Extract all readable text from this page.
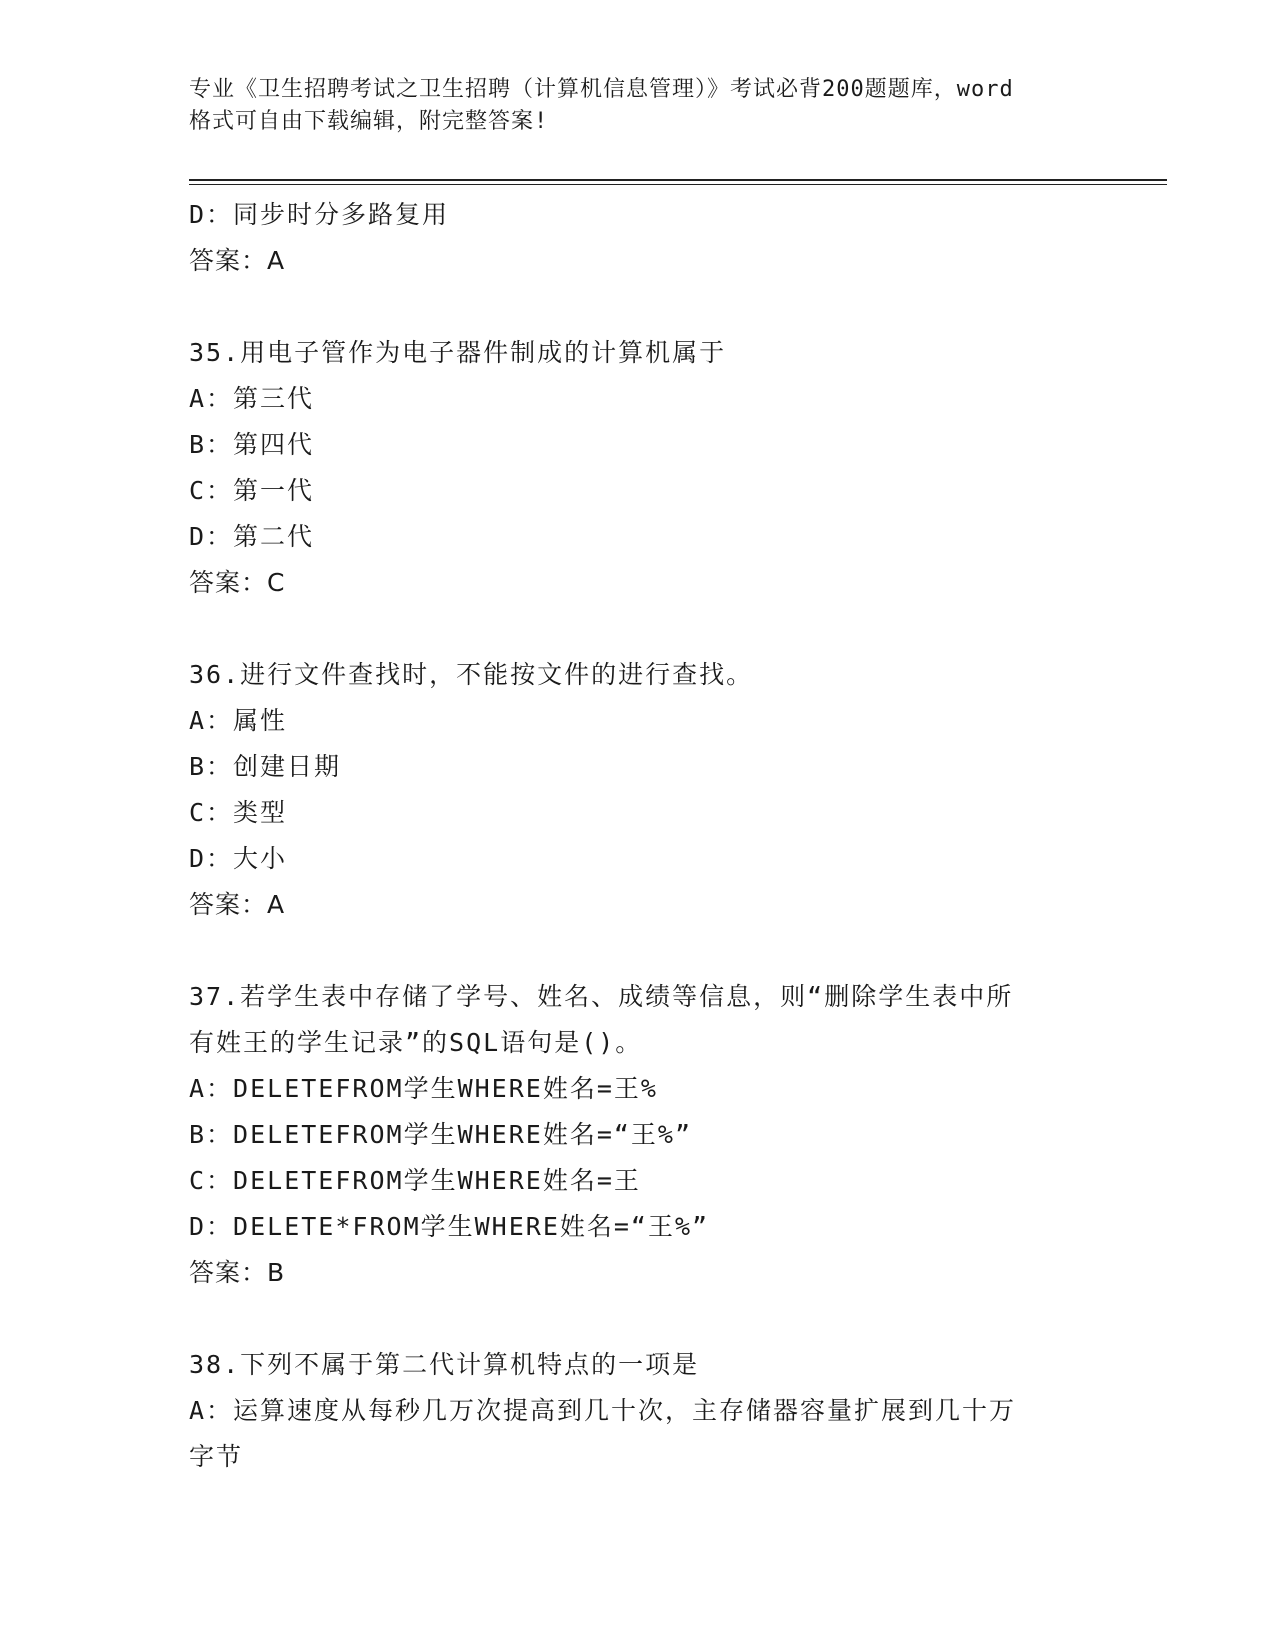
专业《卫生招聘考试之卫生招聘（计算机信息管理）》考试必背200题题库，word
格式可自由下载编辑，附完整答案!
D：同步时分多路复用
答案：A
35.用电子管作为电子器件制成的计算机属于
A：第三代
B：第四代
C：第一代
D：第二代
答案：C
36.进行文件查找时，不能按文件的进行查找。
A：属性
B：创建日期
C：类型
D：大小
答案：A
37.若学生表中存储了学号、姓名、成绩等信息，则“删除学生表中所
有姓王的学生记录”的SQL语句是()。
A：DELETEFROM学生WHERE姓名=王%
B：DELETEFROM学生WHERE姓名=“王%”
C：DELETEFROM学生WHERE姓名=王
D：DELETE*FROM学生WHERE姓名=“王%”
答案：B
38.下列不属于第二代计算机特点的一项是
A：运算速度从每秒几万次提高到几十次，主存储器容量扩展到几十万
字节
